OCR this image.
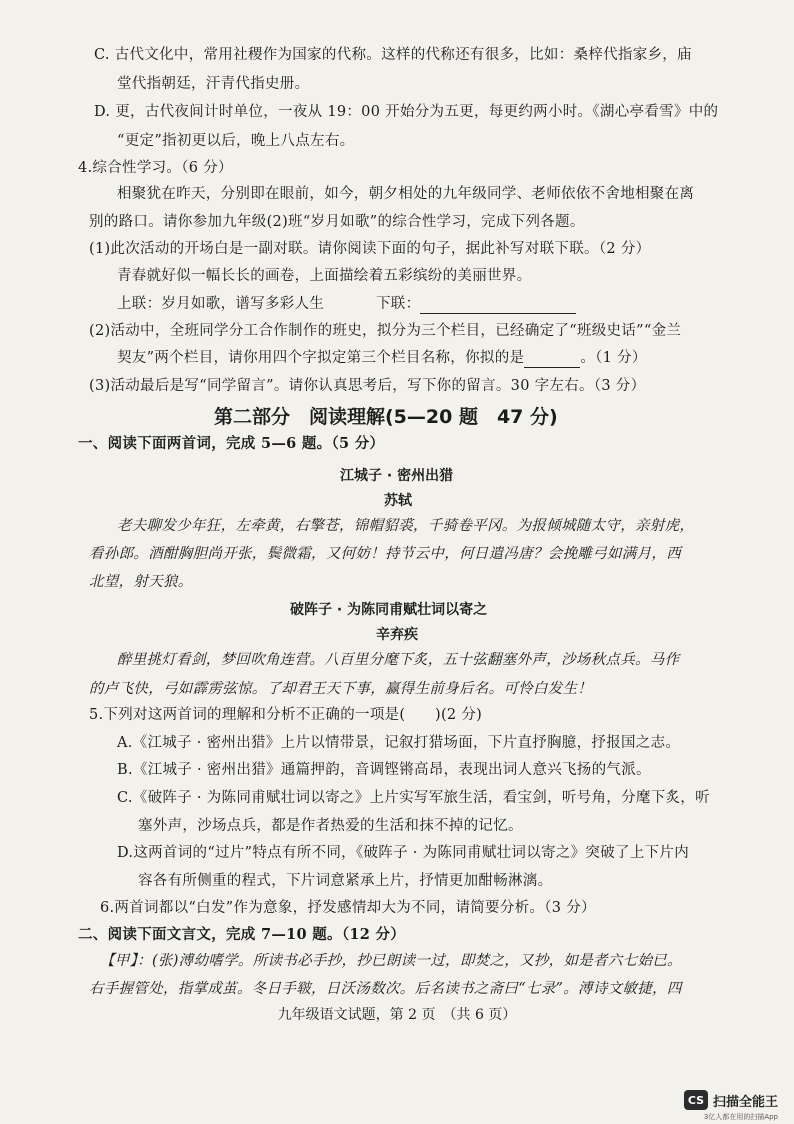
C. 古代文化中，常用社稷作为国家的代称。这样的代称还有很多，比如：桑梓代指家乡，庙
堂代指朝廷，汗青代指史册。
D. 更，古代夜间计时单位，一夜从 19：00 开始分为五更，每更约两小时。《湖心亭看雪》中的
“更定”指初更以后，晚上八点左右。
4.综合性学习。（6 分）
相聚犹在昨天，分别即在眼前，如今，朝夕相处的九年级同学、老师依依不舍地相聚在离
别的路口。请你参加九年级(2)班“岁月如歌”的综合性学习，完成下列各题。
(1)此次活动的开场白是一副对联。请你阅读下面的句子，据此补写对联下联。（2 分）
青春就好似一幅长长的画卷，上面描绘着五彩缤纷的美丽世界。
上联：岁月如歌，谱写多彩人生	下联：
(2)活动中，全班同学分工合作制作的班史，拟分为三个栏目，已经确定了“班级史话”“金兰
契友”两个栏目，请你用四个字拟定第三个栏目名称，你拟的是	。（1 分）
(3)活动最后是写“同学留言”。请你认真思考后，写下你的留言。30 字左右。（3 分）
第二部分　阅读理解(5—20 题　47 分)
一、阅读下面两首词，完成 5—6 题。（5 分）
江城子 · 密州出猎
苏轼
老夫聊发少年狂，左牵黄，右擎苍，锦帽貂裘，千骑卷平冈。为报倾城随太守，亲射虎，
看孙郎。酒酣胸胆尚开张，鬓微霜，又何妨！持节云中，何日遣冯唐？会挽雕弓如满月，西
北望，射天狼。
破阵子 · 为陈同甫赋壮词以寄之
辛弃疾
醉里挑灯看剑，梦回吹角连营。八百里分麾下炙，五十弦翻塞外声，沙场秋点兵。马作
的卢飞快，弓如霹雳弦惊。了却君王天下事，赢得生前身后名。可怜白发生！
5.下列对这两首词的理解和分析不正确的一项是(　　)(2 分)
A.《江城子 · 密州出猎》上片以情带景，记叙打猎场面，下片直抒胸臆，抒报国之志。
B.《江城子 · 密州出猎》通篇押韵，音调铿锵高昂，表现出词人意兴飞扬的气派。
C.《破阵子 · 为陈同甫赋壮词以寄之》上片实写军旅生活，看宝剑，听号角，分麾下炙，听
塞外声，沙场点兵，都是作者热爱的生活和抹不掉的记忆。
D.这两首词的“过片”特点有所不同，《破阵子 · 为陈同甫赋壮词以寄之》突破了上下片内
容各有所侧重的程式，下片词意紧承上片，抒情更加酣畅淋漓。
6.两首词都以“白发”作为意象，抒发感情却大为不同，请简要分析。（3 分）
二、阅读下面文言文，完成 7—10 题。（12 分）
【甲】：(张)溥幼嗜学。所读书必手抄，抄已朗读一过，即焚之，又抄，如是者六七始已。
右手握管处，指掌成茧。冬日手皲，日沃汤数次。后名读书之斋曰“七录”。溥诗文敏捷，四
九年级语文试题，第 2 页　（共 6 页）
CS 扫描全能王
3亿人都在用的扫描App
